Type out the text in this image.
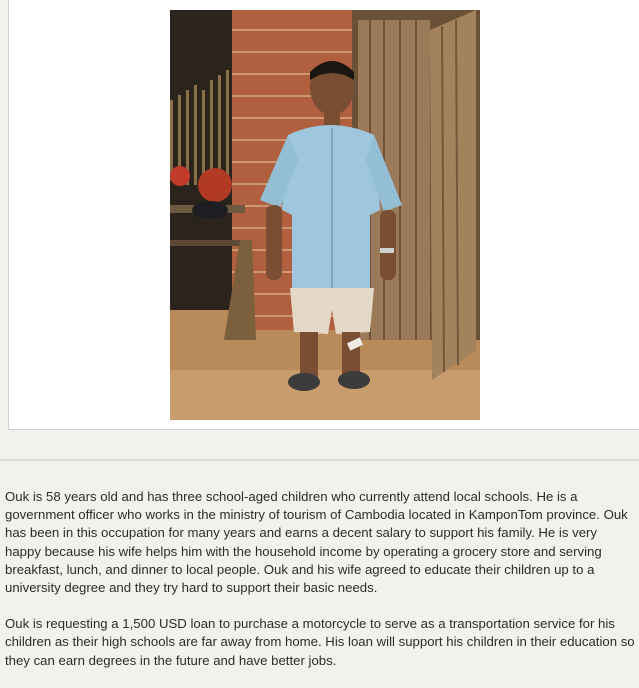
Ouk is 58 years old and has three school-aged children who currently attend local schools. He is a government officer who works in the ministry of tourism of Cambodia located in KamponTom province. Ouk has been in this occupation for many years and earns a decent salary to support his family. He is very happy because his wife helps him with the household income by operating a grocery store and serving breakfast, lunch, and dinner to local people. Ouk and his wife agreed to educate their children up to a university degree and they try hard to support their basic needs.

Ouk is requesting a 1,500 USD loan to purchase a motorcycle to serve as a transportation service for his children as their high schools are far away from home. His loan will support his children in their education so they can earn degrees in the future and have better jobs.
